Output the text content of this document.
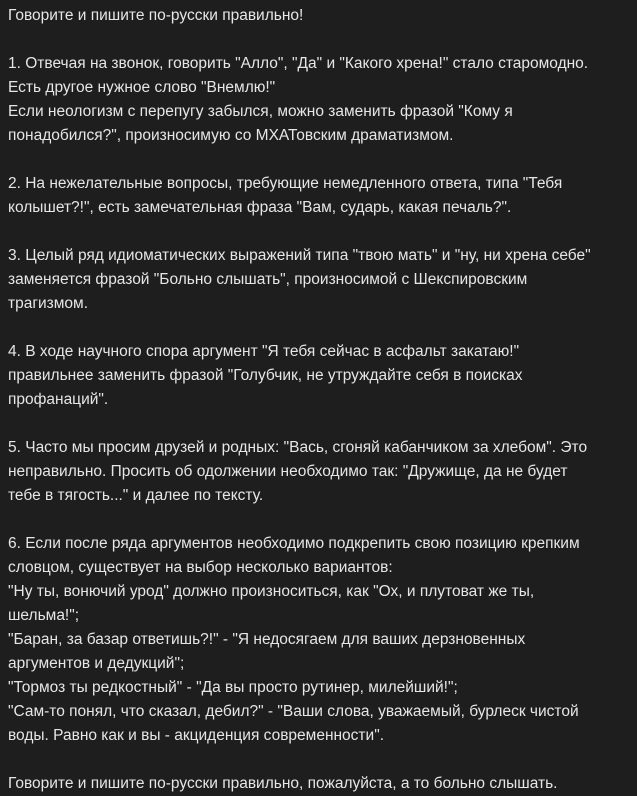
Говорите и пишите по-русски правильно!
1. Отвечая на звонок, говорить "Алло", "Да" и "Какого хрена!" стало старомодно.
Есть другое нужное слово "Внемлю!"
Если неологизм с перепугу забылся, можно заменить фразой "Кому я
понадобился?", произносимую со МХАТовским драматизмом.
2. На нежелательные вопросы, требующие немедленного ответа, типа "Тебя
колышет?!", есть замечательная фраза "Вам, сударь, какая печаль?".
3. Целый ряд идиоматических выражений типа "твою мать" и "ну, ни хрена себе"
заменяется фразой "Больно слышать", произносимой с Шекспировским
трагизмом.
4. В ходе научного спора аргумент "Я тебя сейчас в асфальт закатаю!"
правильнее заменить фразой "Голубчик, не утруждайте себя в поисках
профанаций".
5. Часто мы просим друзей и родных: "Вась, сгоняй кабанчиком за хлебом". Это
неправильно. Просить об одолжении необходимо так: "Дружище, да не будет
тебе в тягость..." и далее по тексту.
6. Если после ряда аргументов необходимо подкрепить свою позицию крепким
словцом, существует на выбор несколько вариантов:
"Ну ты, вонючий урод" должно произноситься, как "Ох, и плутоват же ты,
шельма!";
"Баран, за базар ответишь?!" - "Я недосягаем для ваших дерзновенных
аргументов и дедукций";
"Тормоз ты редкостный" - "Да вы просто рутинер, милейший!";
"Сам-то понял, что сказал, дебил?" - "Ваши слова, уважаемый, бурлеск чистой
воды. Равно как и вы - акциденция современности".
Говорите и пишите по-русски правильно, пожалуйста, а то больно слышать.
